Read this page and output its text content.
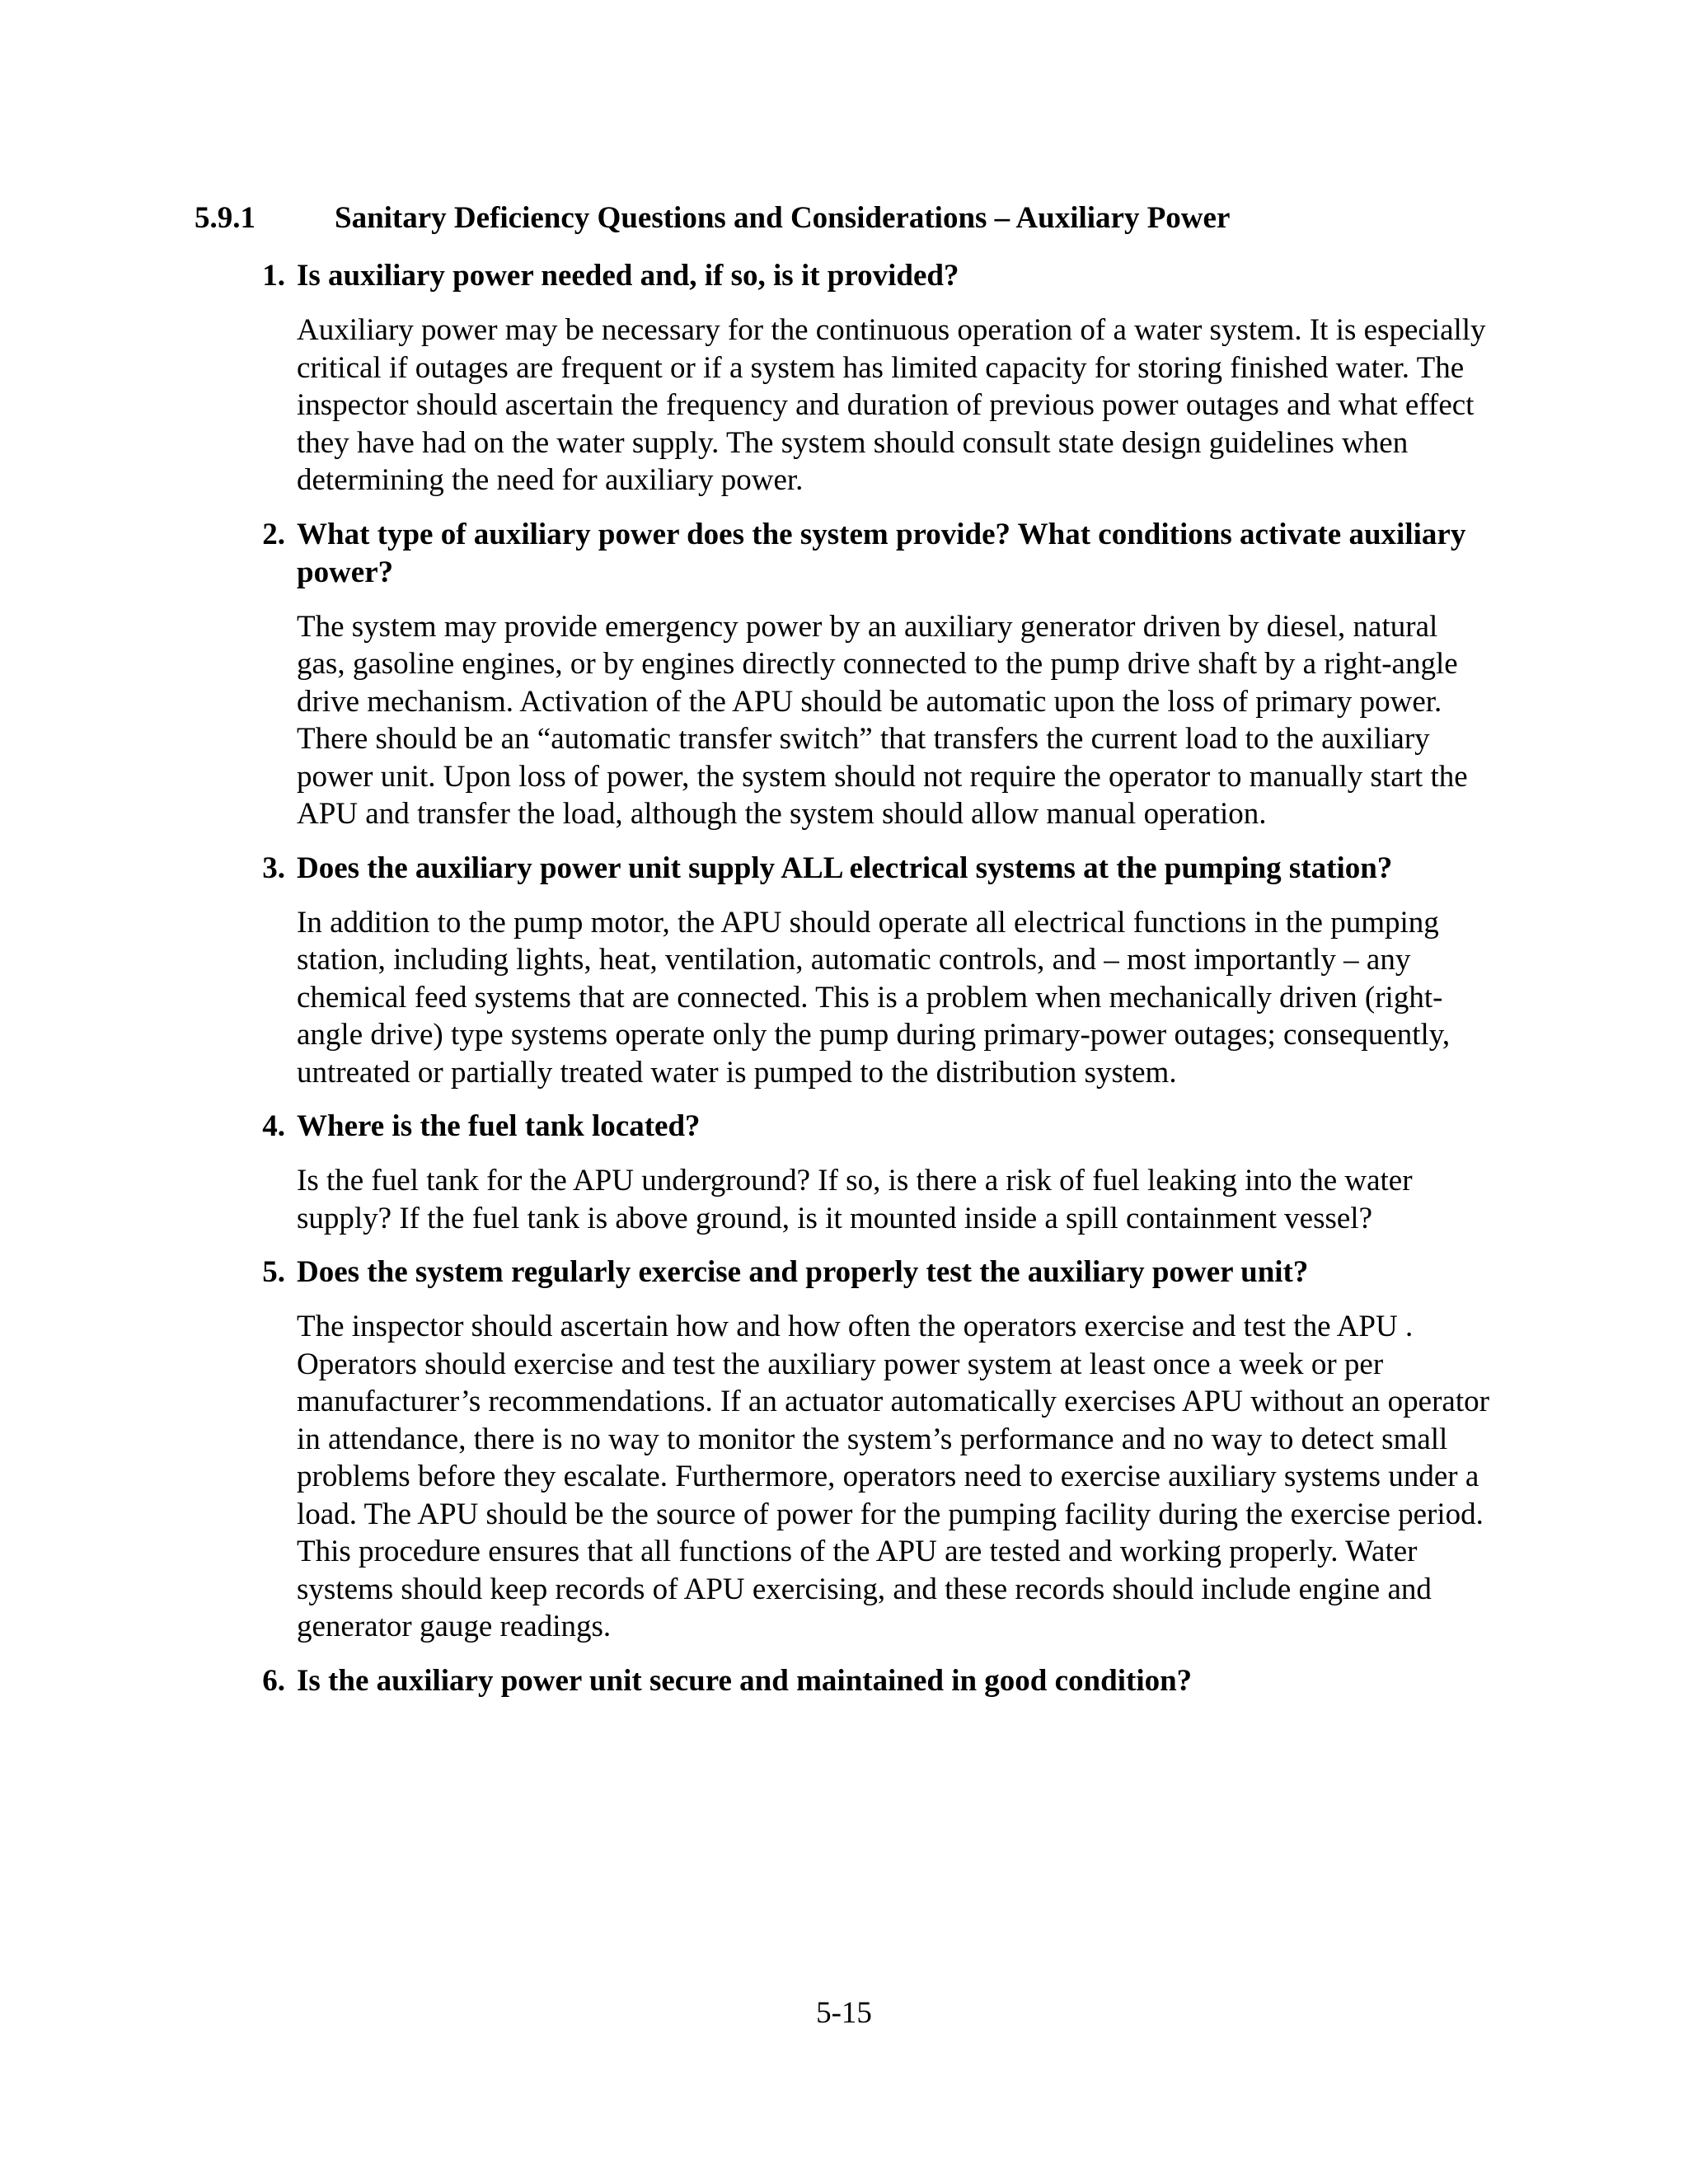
5.9.1	Sanitary Deficiency Questions and Considerations – Auxiliary Power
1. Is auxiliary power needed and, if so, is it provided?
Auxiliary power may be necessary for the continuous operation of a water system. It is especially critical if outages are frequent or if a system has limited capacity for storing finished water. The inspector should ascertain the frequency and duration of previous power outages and what effect they have had on the water supply. The system should consult state design guidelines when determining the need for auxiliary power.
2. What type of auxiliary power does the system provide? What conditions activate auxiliary power?
The system may provide emergency power by an auxiliary generator driven by diesel, natural gas, gasoline engines, or by engines directly connected to the pump drive shaft by a right-angle drive mechanism. Activation of the APU should be automatic upon the loss of primary power. There should be an “automatic transfer switch” that transfers the current load to the auxiliary power unit. Upon loss of power, the system should not require the operator to manually start the APU and transfer the load, although the system should allow manual operation.
3. Does the auxiliary power unit supply ALL electrical systems at the pumping station?
In addition to the pump motor, the APU should operate all electrical functions in the pumping station, including lights, heat, ventilation, automatic controls, and – most importantly – any chemical feed systems that are connected. This is a problem when mechanically driven (right-angle drive) type systems operate only the pump during primary-power outages; consequently, untreated or partially treated water is pumped to the distribution system.
4. Where is the fuel tank located?
Is the fuel tank for the APU underground? If so, is there a risk of fuel leaking into the water supply? If the fuel tank is above ground, is it mounted inside a spill containment vessel?
5. Does the system regularly exercise and properly test the auxiliary power unit?
The inspector should ascertain how and how often the operators exercise and test the APU . Operators should exercise and test the auxiliary power system at least once a week or per manufacturer’s recommendations. If an actuator automatically exercises APU without an operator in attendance, there is no way to monitor the system’s performance and no way to detect small problems before they escalate. Furthermore, operators need to exercise auxiliary systems under a load. The APU should be the source of power for the pumping facility during the exercise period. This procedure ensures that all functions of the APU are tested and working properly. Water systems should keep records of APU exercising, and these records should include engine and generator gauge readings.
6. Is the auxiliary power unit secure and maintained in good condition?
5-15
